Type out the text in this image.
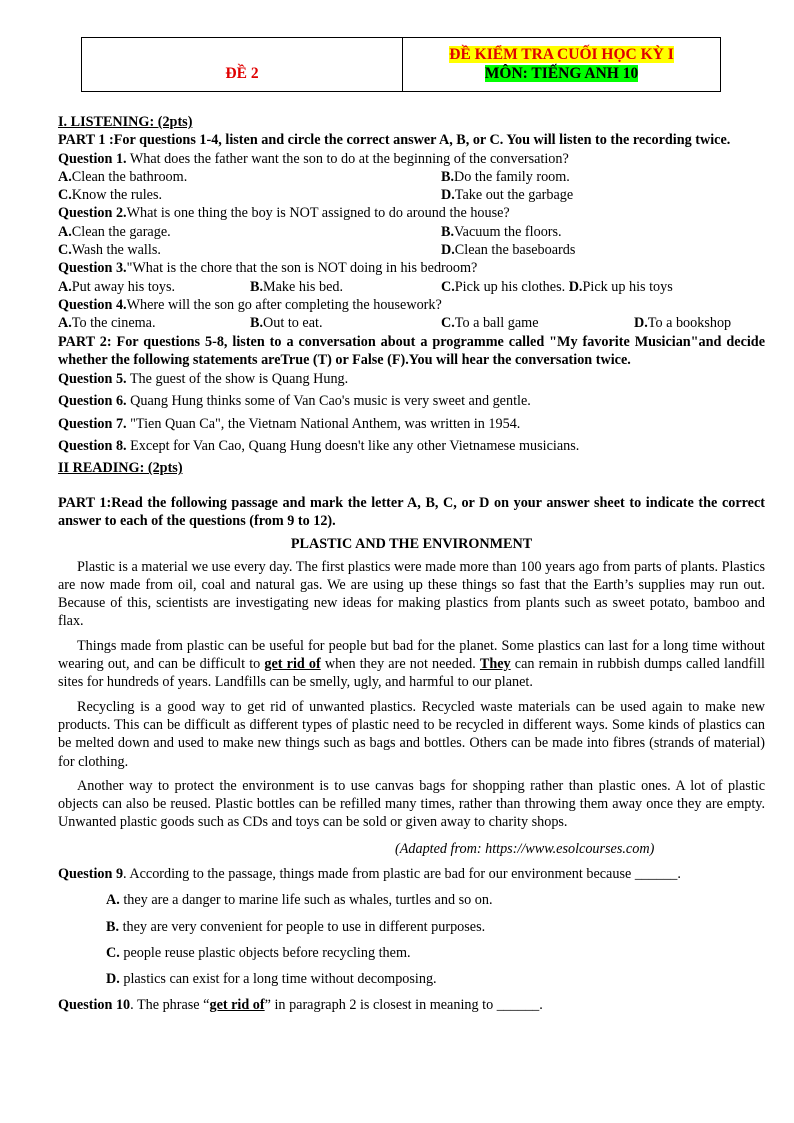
ĐỀ 2	ĐỀ KIỂM TRA CUỐI HỌC KỲ I
MÔN: TIẾNG ANH 10

I. LISTENING: (2pts)

PART 1 :For questions 1-4, listen and circle the correct answer A, B, or C. You will listen to the recording twice.

Question 1. What does the father want the son to do at the beginning of the conversation?

A.Clean the bathroom.	B.Do the family room.
C.Know the rules.	D.Take out the garbage

Question 2.What is one thing the boy is NOT assigned to do around the house?

A.Clean the garage.	B.Vacuum the floors.
C.Wash the walls.	D.Clean the baseboards

Question 3."What is the chore that the son is NOT doing in his bedroom?

A.Put away his toys.	B.Make his bed.	C.Pick up his clothes. D.Pick up his toys

Question 4.Where will the son go after completing the housework?

A.To the cinema.	B.Out to eat.	C.To a ball game	D.To a bookshop

PART 2: For questions 5-8, listen to a conversation about a programme called "My favorite Musician"and decide whether the following statements areTrue (T) or False (F).You will hear the conversation twice.

Question 5. The guest of the show is Quang Hung.

Question 6. Quang Hung thinks some of Van Cao's music is very sweet and gentle.

Question 7. "Tien Quan Ca", the Vietnam National Anthem, was written in 1954.

Question 8. Except for Van Cao, Quang Hung doesn't like any other Vietnamese musicians.

II READING: (2pts)

PART 1:Read the following passage and mark the letter A, B, C, or D on your answer sheet to indicate the correct answer to each of the questions (from 9 to 12).

PLASTIC AND THE ENVIRONMENT

Plastic is a material we use every day. The first plastics were made more than 100 years ago from parts of plants. Plastics are now made from oil, coal and natural gas. We are using up these things so fast that the Earth’s supplies may run out. Because of this, scientists are investigating new ideas for making plastics from plants such as sweet potato, bamboo and flax.

Things made from plastic can be useful for people but bad for the planet. Some plastics can last for a long time without wearing out, and can be difficult to get rid of when they are not needed. They can remain in rubbish dumps called landfill sites for hundreds of years. Landfills can be smelly, ugly, and harmful to our planet.

Recycling is a good way to get rid of unwanted plastics. Recycled waste materials can be used again to make new products. This can be difficult as different types of plastic need to be recycled in different ways. Some kinds of plastics can be melted down and used to make new things such as bags and bottles. Others can be made into fibres (strands of material) for clothing.

Another way to protect the environment is to use canvas bags for shopping rather than plastic ones. A lot of plastic objects can also be reused. Plastic bottles can be refilled many times, rather than throwing them away once they are empty. Unwanted plastic goods such as CDs and toys can be sold or given away to charity shops.

(Adapted from: https://www.esolcourses.com)

Question 9. According to the passage, things made from plastic are bad for our environment because ______.

A. they are a danger to marine life such as whales, turtles and so on.

B. they are very convenient for people to use in different purposes.

C. people reuse plastic objects before recycling them.

D. plastics can exist for a long time without decomposing.

Question 10. The phrase “get rid of” in paragraph 2 is closest in meaning to ______.
